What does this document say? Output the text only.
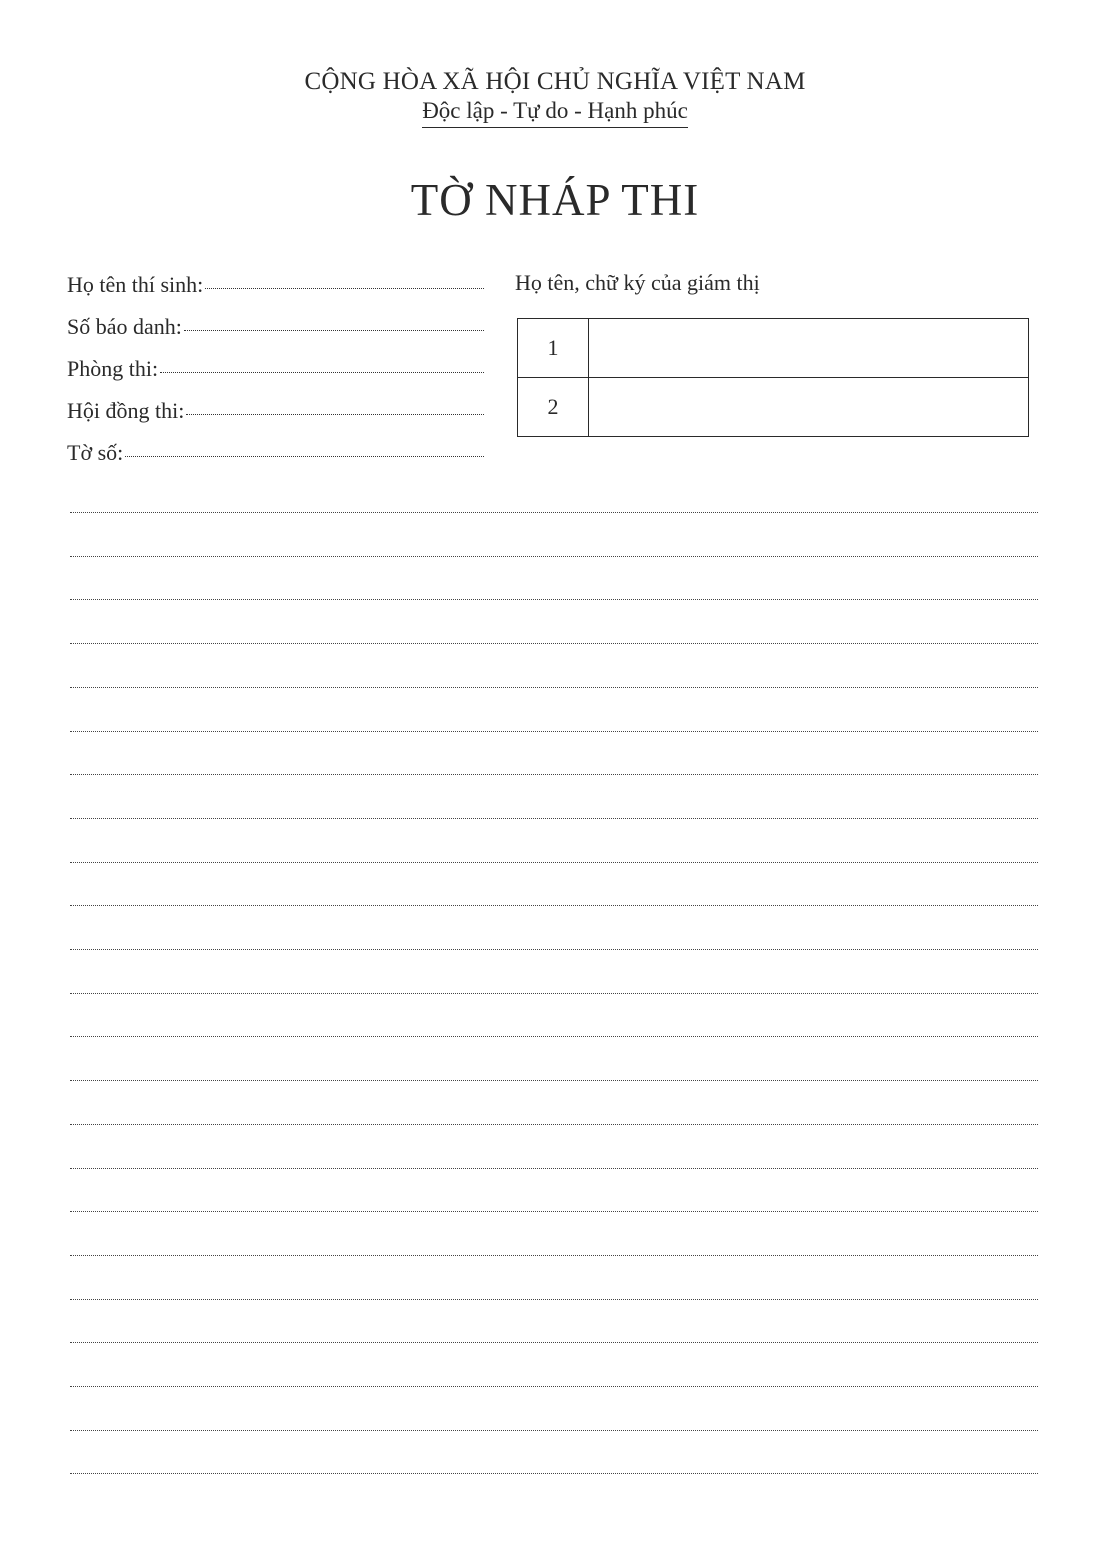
CỘNG HÒA XÃ HỘI CHỦ NGHĨA VIỆT NAM
Độc lập - Tự do - Hạnh phúc
TỜ NHÁP THI
Họ tên thí sinh:
Số báo danh:
Phòng thi:
Hội đồng thi:
Tờ số:
Họ tên, chữ ký của giám thị
1
2
